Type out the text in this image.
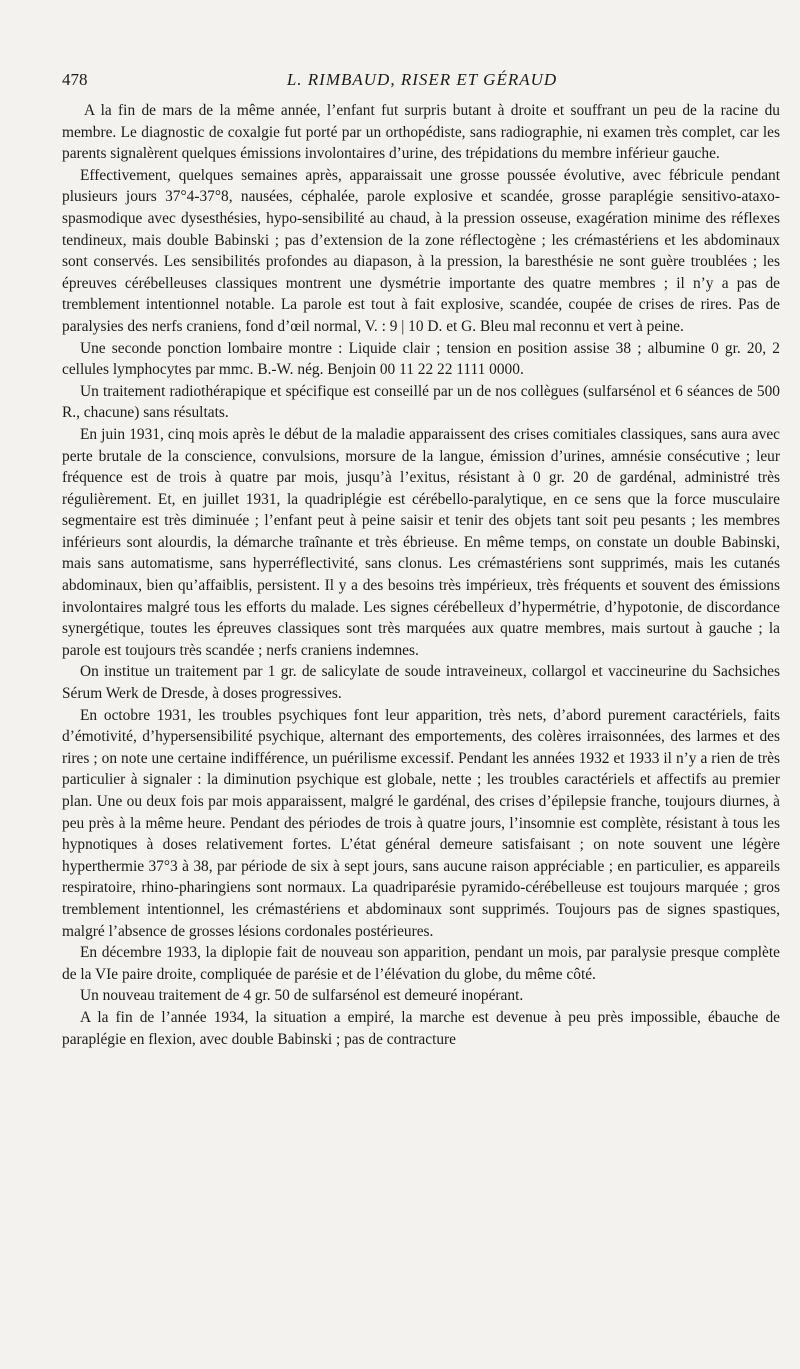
478	L. RIMBAUD, RISER ET GÉRAUD

A la fin de mars de la même année, l’enfant fut surpris butant à droite et souffrant un peu de la racine du membre. Le diagnostic de coxalgie fut porté par un orthopédiste, sans radiographie, ni examen très complet, car les parents signalèrent quelques émissions involontaires d’urine, des trépidations du membre inférieur gauche.

Effectivement, quelques semaines après, apparaissait une grosse poussée évolutive, avec fébricule pendant plusieurs jours 37°4-37°8, nausées, céphalée, parole explosive et scandée, grosse paraplégie sensitivo-ataxo-spasmodique avec dysesthésies, hypo-sensibilité au chaud, à la pression osseuse, exagération minime des réflexes tendineux, mais double Babinski ; pas d’extension de la zone réflectogène ; les crémastériens et les abdominaux sont conservés. Les sensibilités profondes au diapason, à la pression, la baresthésie ne sont guère troublées ; les épreuves cérébelleuses classiques montrent une dysmétrie importante des quatre membres ; il n’y a pas de tremblement intentionnel notable. La parole est tout à fait explosive, scandée, coupée de crises de rires. Pas de paralysies des nerfs craniens, fond d’œil normal, V. : 9 | 10 D. et G. Bleu mal reconnu et vert à peine.

Une seconde ponction lombaire montre : Liquide clair ; tension en position assise 38 ; albumine 0 gr. 20, 2 cellules lymphocytes par mmc. B.-W. nég. Benjoin 00 11 22 22 1111 0000.

Un traitement radiothérapique et spécifique est conseillé par un de nos collègues (sulfarsénol et 6 séances de 500 R., chacune) sans résultats.

En juin 1931, cinq mois après le début de la maladie apparaissent des crises comitiales classiques, sans aura avec perte brutale de la conscience, convulsions, morsure de la langue, émission d’urines, amnésie consécutive ; leur fréquence est de trois à quatre par mois, jusqu’à l’exitus, résistant à 0 gr. 20 de gardénal, administré très régulièrement. Et, en juillet 1931, la quadriplégie est cérébello-paralytique, en ce sens que la force musculaire segmentaire est très diminuée ; l’enfant peut à peine saisir et tenir des objets tant soit peu pesants ; les membres inférieurs sont alourdis, la démarche traînante et très ébrieuse. En même temps, on constate un double Babinski, mais sans automatisme, sans hyperréflectivité, sans clonus. Les crémastériens sont supprimés, mais les cutanés abdominaux, bien qu’affaiblis, persistent. Il y a des besoins très impérieux, très fréquents et souvent des émissions involontaires malgré tous les efforts du malade. Les signes cérébelleux d’hypermétrie, d’hypotonie, de discordance synergétique, toutes les épreuves classiques sont très marquées aux quatre membres, mais surtout à gauche ; la parole est toujours très scandée ; nerfs craniens indemnes.

On institue un traitement par 1 gr. de salicylate de soude intraveineux, collargol et vaccineurine du Sachsiches Sérum Werk de Dresde, à doses progressives.

En octobre 1931, les troubles psychiques font leur apparition, très nets, d’abord purement caractériels, faits d’émotivité, d’hypersensibilité psychique, alternant des emportements, des colères irraisonnées, des larmes et des rires ; on note une certaine indifférence, un puérilisme excessif. Pendant les années 1932 et 1933 il n’y a rien de très particulier à signaler : la diminution psychique est globale, nette ; les troubles caractériels et affectifs au premier plan. Une ou deux fois par mois apparaissent, malgré le gardénal, des crises d’épilepsie franche, toujours diurnes, à peu près à la même heure. Pendant des périodes de trois à quatre jours, l’insomnie est complète, résistant à tous les hypnotiques à doses relativement fortes. L’état général demeure satisfaisant ; on note souvent une légère hyperthermie 37°3 à 38, par période de six à sept jours, sans aucune raison appréciable ; en particulier, es appareils respiratoire, rhino-pharingiens sont normaux. La quadriparésie pyramido-cérébelleuse est toujours marquée ; gros tremblement intentionnel, les crémastériens et abdominaux sont supprimés. Toujours pas de signes spastiques, malgré l’absence de grosses lésions cordonales postérieures.

En décembre 1933, la diplopie fait de nouveau son apparition, pendant un mois, par paralysie presque complète de la VIe paire droite, compliquée de parésie et de l’élévation du globe, du même côté.

Un nouveau traitement de 4 gr. 50 de sulfarsénol est demeuré inopérant.

A la fin de l’année 1934, la situation a empiré, la marche est devenue à peu près impossible, ébauche de paraplégie en flexion, avec double Babinski ; pas de contracture
